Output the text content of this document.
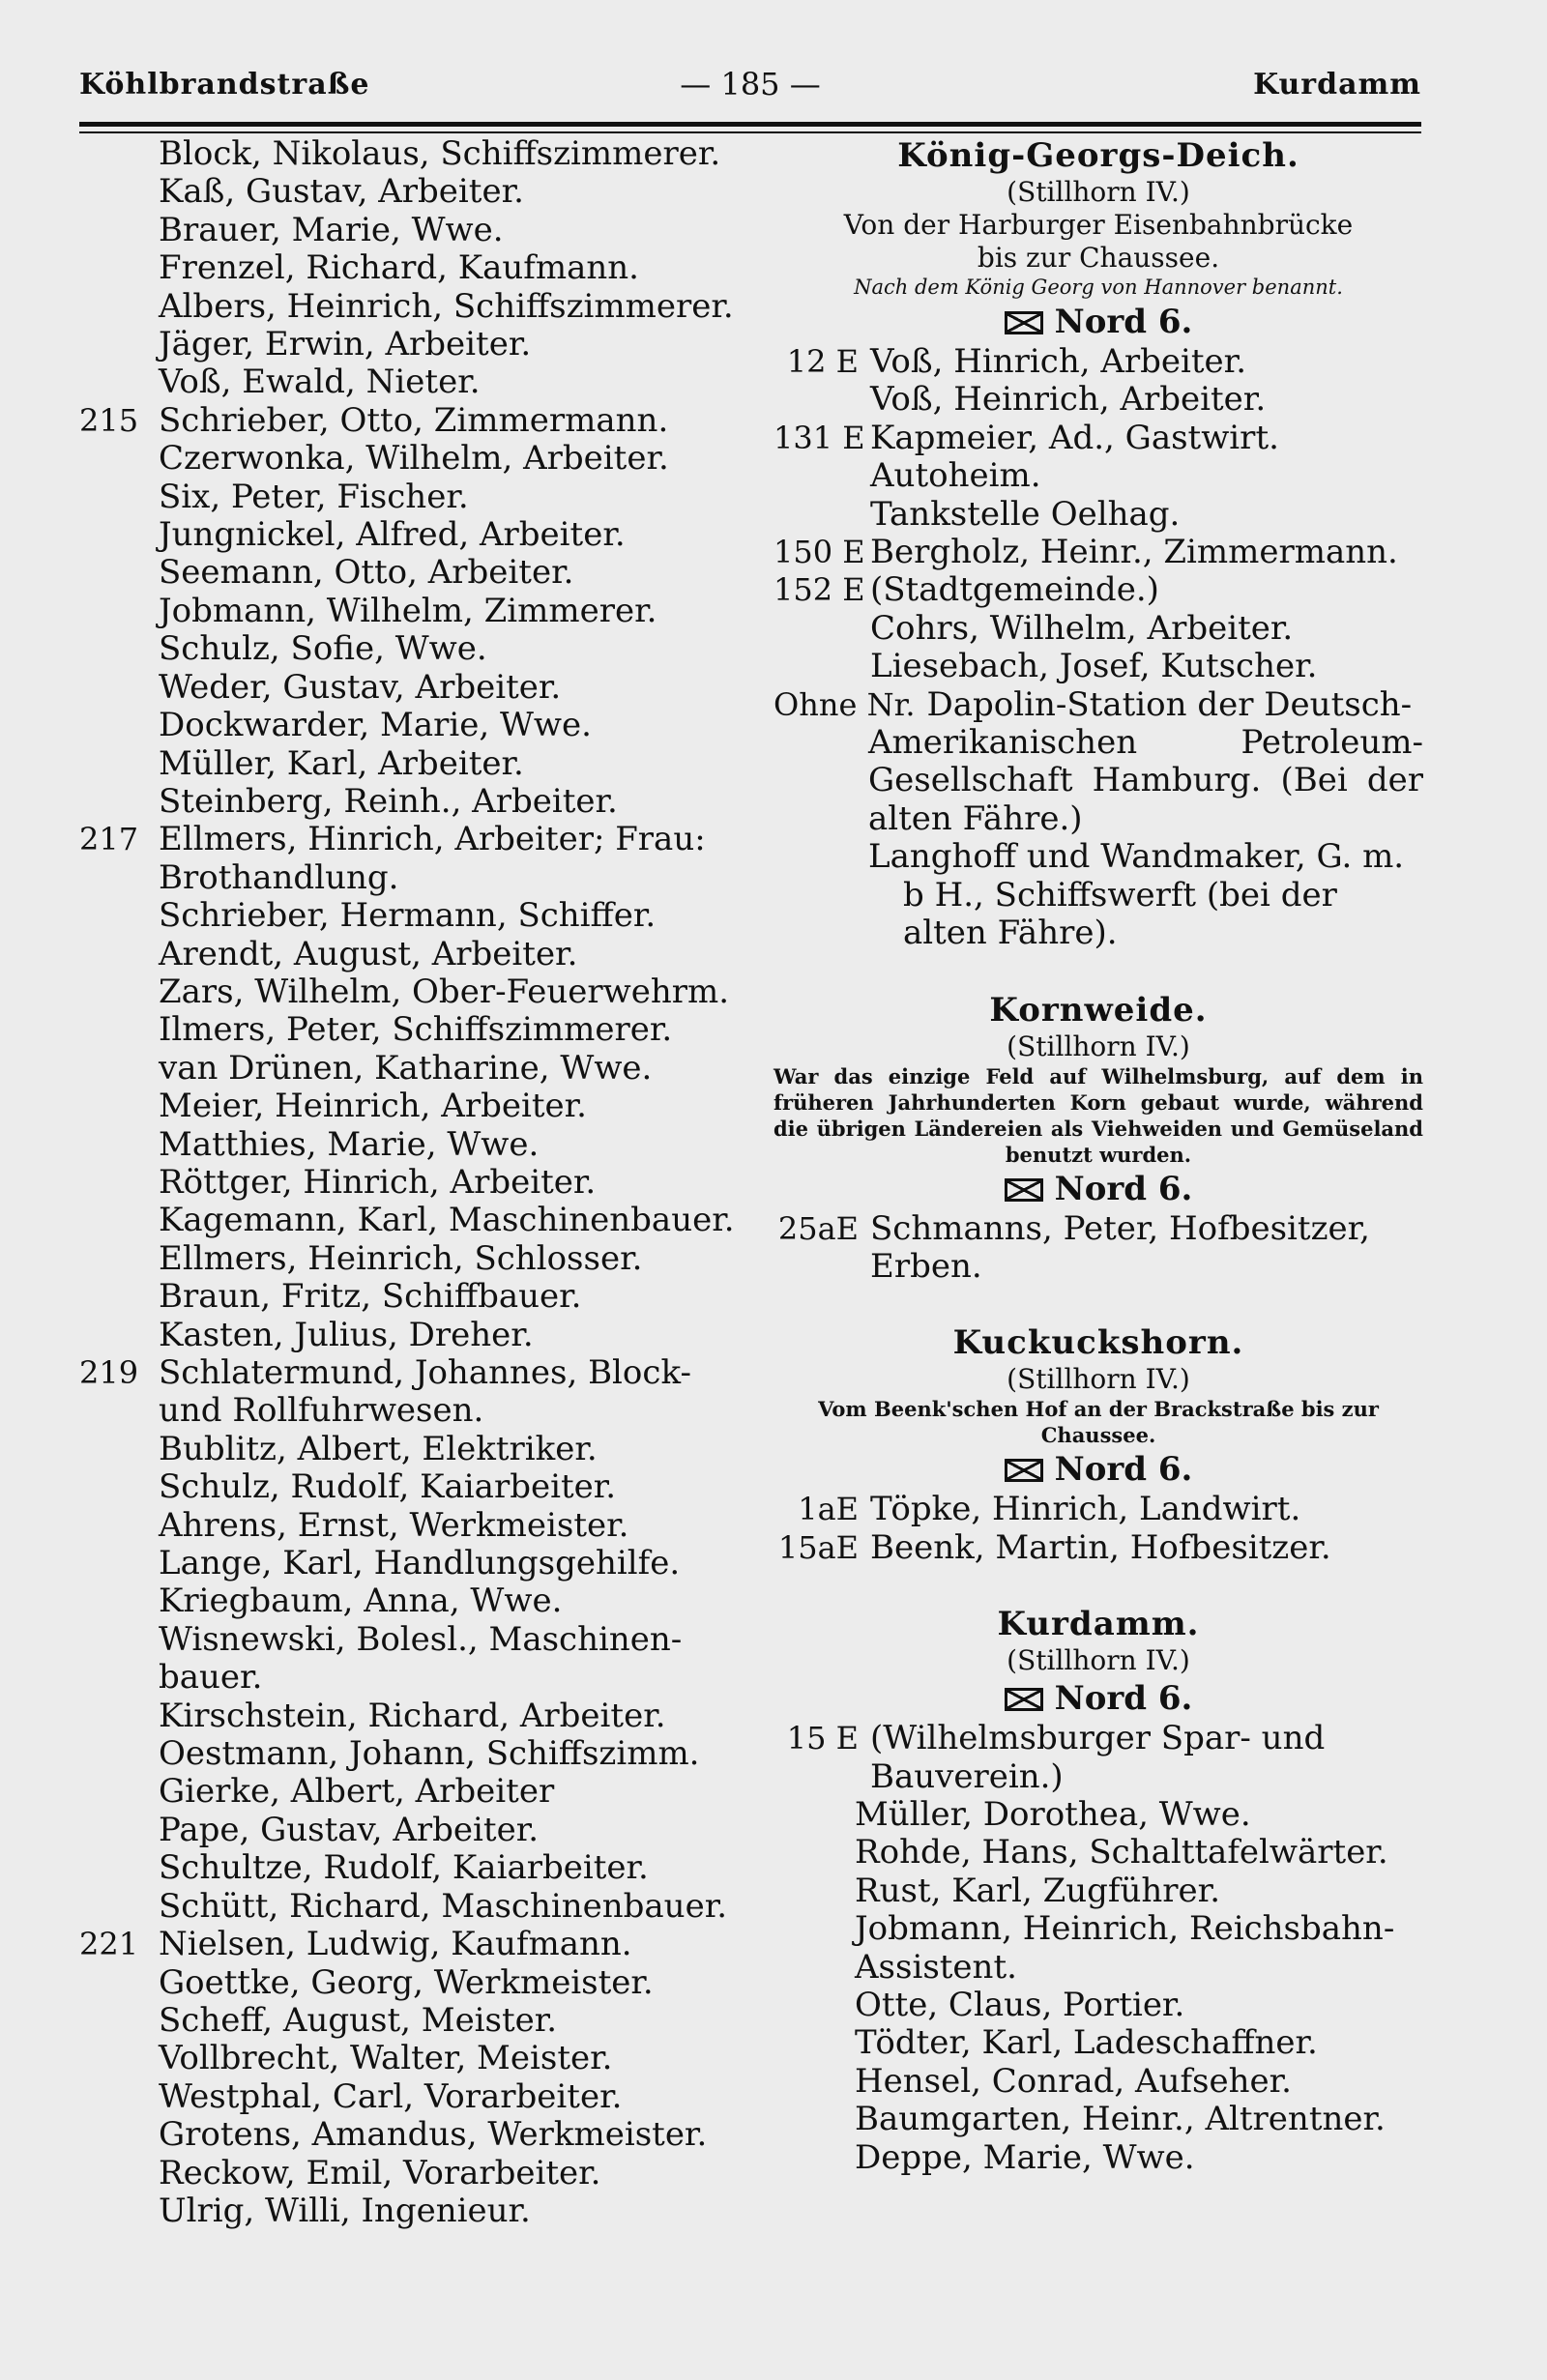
Köhlbrandstraße	— 185 —	Kurdamm
Block, Nikolaus, Schiffszimmerer.
Kaß, Gustav, Arbeiter.
Brauer, Marie, Wwe.
Frenzel, Richard, Kaufmann.
Albers, Heinrich, Schiffszimmerer.
Jäger, Erwin, Arbeiter.
Voß, Ewald, Nieter.
215 Schrieber, Otto, Zimmermann.
Czerwonka, Wilhelm, Arbeiter.
Six, Peter, Fischer.
Jungnickel, Alfred, Arbeiter.
Seemann, Otto, Arbeiter.
Jobmann, Wilhelm, Zimmerer.
Schulz, Sofie, Wwe.
Weder, Gustav, Arbeiter.
Dockwarder, Marie, Wwe.
Müller, Karl, Arbeiter.
Steinberg, Reinh., Arbeiter.
217 Ellmers, Hinrich, Arbeiter; Frau:
Brothandlung.
Schrieber, Hermann, Schiffer.
Arendt, August, Arbeiter.
Zars, Wilhelm, Ober-Feuerwehrm.
Ilmers, Peter, Schiffszimmerer.
van Drünen, Katharine, Wwe.
Meier, Heinrich, Arbeiter.
Matthies, Marie, Wwe.
Röttger, Hinrich, Arbeiter.
Kagemann, Karl, Maschinenbauer.
Ellmers, Heinrich, Schlosser.
Braun, Fritz, Schiffbauer.
Kasten, Julius, Dreher.
219 Schlatermund, Johannes, Block-
und Rollfuhrwesen.
Bublitz, Albert, Elektriker.
Schulz, Rudolf, Kaiarbeiter.
Ahrens, Ernst, Werkmeister.
Lange, Karl, Handlungsgehilfe.
Kriegbaum, Anna, Wwe.
Wisnewski, Bolesl., Maschinen-
bauer.
Kirschstein, Richard, Arbeiter.
Oestmann, Johann, Schiffszimm.
Gierke, Albert, Arbeiter
Pape, Gustav, Arbeiter.
Schultze, Rudolf, Kaiarbeiter.
Schütt, Richard, Maschinenbauer.
221 Nielsen, Ludwig, Kaufmann.
Goettke, Georg, Werkmeister.
Scheff, August, Meister.
Vollbrecht, Walter, Meister.
Westphal, Carl, Vorarbeiter.
Grotens, Amandus, Werkmeister.
Reckow, Emil, Vorarbeiter.
Ulrig, Willi, Ingenieur.
König-Georgs-Deich.
(Stillhorn IV.)
Von der Harburger Eisenbahnbrücke
bis zur Chaussee.
Nach dem König Georg von Hannover benannt.
Nord 6.
12 E Voß, Hinrich, Arbeiter.
Voß, Heinrich, Arbeiter.
131 E Kapmeier, Ad., Gastwirt.
Autoheim.
Tankstelle Oelhag.
150 E Bergholz, Heinr., Zimmermann.
152 E (Stadtgemeinde.)
Cohrs, Wilhelm, Arbeiter.
Liesebach, Josef, Kutscher.
Ohne Nr. Dapolin-Station der Deutsch-
Amerikanischen Petroleum-Gesellschaft Hamburg. (Bei der alten Fähre.)
Langhoff und Wandmaker, G. m.
b H., Schiffswerft (bei der alten Fähre).
Kornweide.
(Stillhorn IV.)
War das einzige Feld auf Wilhelmsburg, auf dem in früheren Jahrhunderten Korn gebaut wurde, während die übrigen Ländereien als Viehweiden und Gemüseland benutzt wurden.
Nord 6.
25aE Schmanns, Peter, Hofbesitzer,
Erben.
Kuckuckshorn.
(Stillhorn IV.)
Vom Beenk'schen Hof an der Brackstraße bis zur Chaussee.
Nord 6.
1aE Töpke, Hinrich, Landwirt.
15aE Beenk, Martin, Hofbesitzer.
Kurdamm.
(Stillhorn IV.)
Nord 6.
15 E (Wilhelmsburger Spar- und
Bauverein.)
Müller, Dorothea, Wwe.
Rohde, Hans, Schalttafelwärter.
Rust, Karl, Zugführer.
Jobmann, Heinrich, Reichsbahn-
Assistent.
Otte, Claus, Portier.
Tödter, Karl, Ladeschaffner.
Hensel, Conrad, Aufseher.
Baumgarten, Heinr., Altrentner.
Deppe, Marie, Wwe.
